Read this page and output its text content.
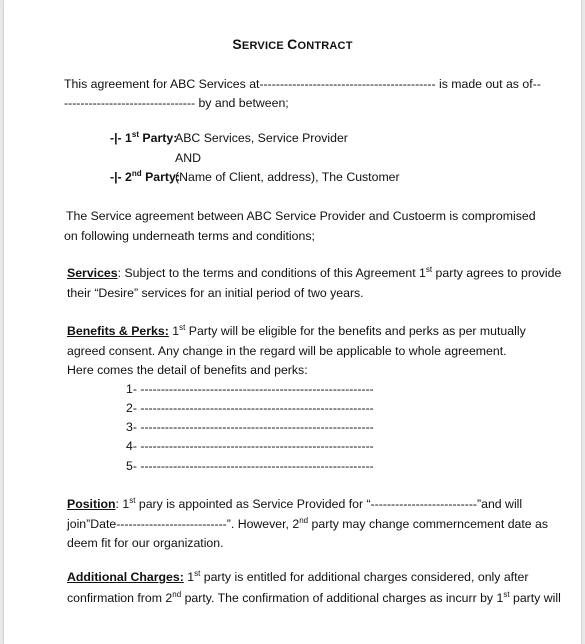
SERVICE CONTRACT
This agreement for ABC Services at------------------------------------------- is made out as of--
-------------------------------- by and between;
-|- 1st Party:
ABC Services, Service Provider
AND
-|- 2nd Party:
(Name of Client, address), The Customer
The Service agreement between ABC Service Provider and Custoerm is compromised
on following underneath terms and conditions;
Services: Subject to the terms and conditions of this Agreement 1st party agrees to provide
their “Desire” services for an initial period of two years.
Benefits & Perks: 1st Party will be eligible for the benefits and perks as per mutually
agreed consent. Any change in the regard will be applicable to whole agreement.
Here comes the detail of benefits and perks:
1- ---------------------------------------------------------
2- ---------------------------------------------------------
3- ---------------------------------------------------------
4- ---------------------------------------------------------
5- ---------------------------------------------------------
Position: 1st pary is appointed as Service Provided for “--------------------------”and will
join”Date---------------------------”. However, 2nd party may change commerncement date as
deem fit for our organization.
Additional Charges: 1st party is entitled for additional charges considered, only after
confirmation from 2nd party. The confirmation of additional charges as incurr by 1st party will
